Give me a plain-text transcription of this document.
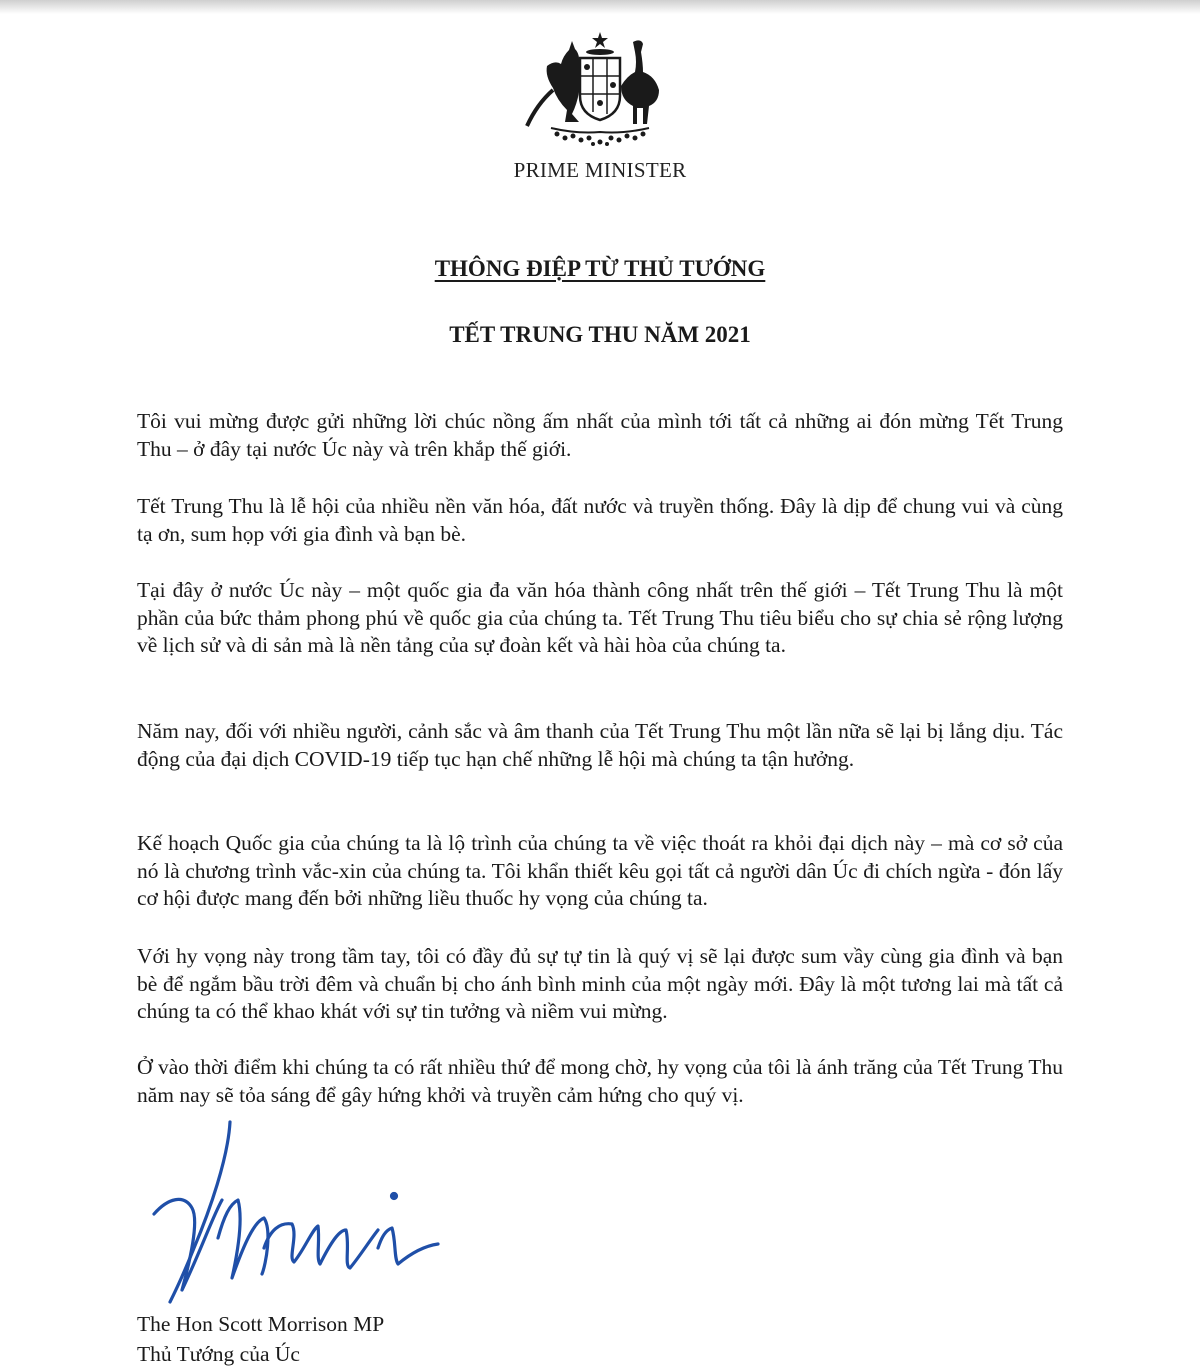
PRIME MINISTER
THÔNG ĐIỆP TỪ THỦ TƯỚNG
TẾT TRUNG THU NĂM 2021

Tôi vui mừng được gửi những lời chúc nồng ấm nhất của mình tới tất cả những ai đón mừng Tết Trung Thu – ở đây tại nước Úc này và trên khắp thế giới.

Tết Trung Thu là lễ hội của nhiều nền văn hóa, đất nước và truyền thống. Đây là dịp để chung vui và cùng tạ ơn, sum họp với gia đình và bạn bè.

Tại đây ở nước Úc này – một quốc gia đa văn hóa thành công nhất trên thế giới – Tết Trung Thu là một phần của bức thảm phong phú về quốc gia của chúng ta. Tết Trung Thu tiêu biểu cho sự chia sẻ rộng lượng về lịch sử và di sản mà là nền tảng của sự đoàn kết và hài hòa của chúng ta.

Năm nay, đối với nhiều người, cảnh sắc và âm thanh của Tết Trung Thu một lần nữa sẽ lại bị lắng dịu. Tác động của đại dịch COVID-19 tiếp tục hạn chế những lễ hội mà chúng ta tận hưởng.

Kế hoạch Quốc gia của chúng ta là lộ trình của chúng ta về việc thoát ra khỏi đại dịch này – mà cơ sở của nó là chương trình vắc-xin của chúng ta. Tôi khẩn thiết kêu gọi tất cả người dân Úc đi chích ngừa - đón lấy cơ hội được mang đến bởi những liều thuốc hy vọng của chúng ta.

Với hy vọng này trong tầm tay, tôi có đầy đủ sự tự tin là quý vị sẽ lại được sum vầy cùng gia đình và bạn bè để ngắm bầu trời đêm và chuẩn bị cho ánh bình minh của một ngày mới. Đây là một tương lai mà tất cả chúng ta có thể khao khát với sự tin tưởng và niềm vui mừng.

Ở vào thời điểm khi chúng ta có rất nhiều thứ để mong chờ, hy vọng của tôi là ánh trăng của Tết Trung Thu năm nay sẽ tỏa sáng để gây hứng khởi và truyền cảm hứng cho quý vị.

The Hon Scott Morrison MP
Thủ Tướng của Úc
